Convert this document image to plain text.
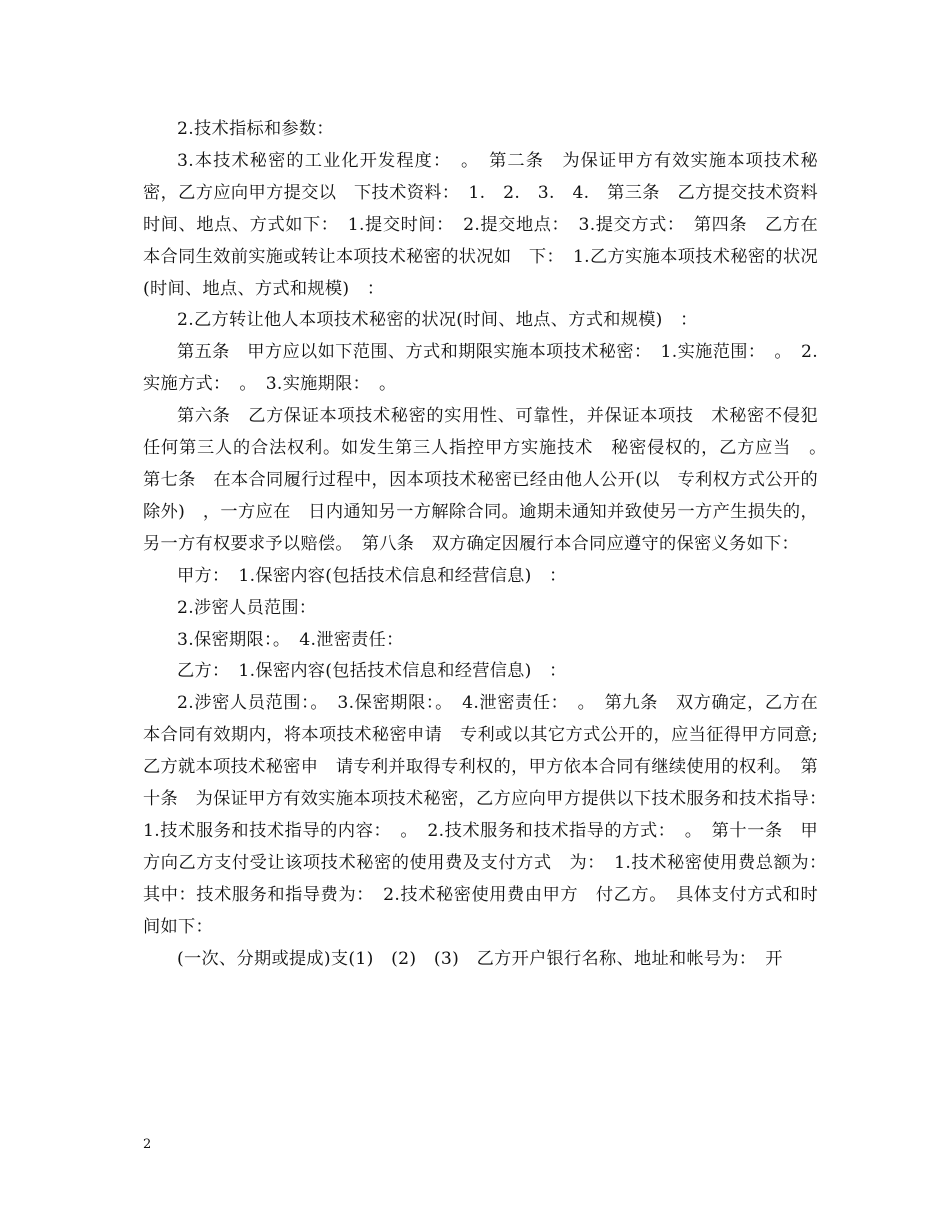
2.技术指标和参数：

3.本技术秘密的工业化开发程度：　。　第二条　为保证甲方有效实施本项技术秘密，乙方应向甲方提交以　下技术资料：　1.　2.　3.　4.　第三条　乙方提交技术资料时间、地点、方式如下：　1.提交时间：　2.提交地点：　3.提交方式：　第四条　乙方在本合同生效前实施或转让本项技术秘密的状况如　下：　1.乙方实施本项技术秘密的状况(时间、地点、方式和规模)　：

2.乙方转让他人本项技术秘密的状况(时间、地点、方式和规模)　：

第五条　甲方应以如下范围、方式和期限实施本项技术秘密：　1.实施范围：　。　2.实施方式：　。　3.实施期限：　。

第六条　乙方保证本项技术秘密的实用性、可靠性，并保证本项技　术秘密不侵犯任何第三人的合法权利。如发生第三人指控甲方实施技术　秘密侵权的，乙方应当　。　第七条　在本合同履行过程中，因本项技术秘密已经由他人公开(以　专利权方式公开的除外)　，一方应在　日内通知另一方解除合同。逾期未通知并致使另一方产生损失的，另一方有权要求予以赔偿。　第八条　双方确定因履行本合同应遵守的保密义务如下：

甲方：　1.保密内容(包括技术信息和经营信息)　：

2.涉密人员范围：

3.保密期限：。　4.泄密责任：

乙方：　1.保密内容(包括技术信息和经营信息)　：

2.涉密人员范围：。　3.保密期限：。　4.泄密责任：　。　第九条　双方确定，乙方在本合同有效期内，将本项技术秘密申请　专利或以其它方式公开的，应当征得甲方同意;乙方就本项技术秘密申　请专利并取得专利权的，甲方依本合同有继续使用的权利。　第十条　为保证甲方有效实施本项技术秘密，乙方应向甲方提供以下技术服务和技术指导：　1.技术服务和技术指导的内容：　。　2.技术服务和技术指导的方式：　。　第十一条　甲方向乙方支付受让该项技术秘密的使用费及支付方式　为：　1.技术秘密使用费总额为：　其中：技术服务和指导费为：　2.技术秘密使用费由甲方　付乙方。　具体支付方式和时间如下：

(一次、分期或提成)支(1)　(2)　(3)　乙方开户银行名称、地址和帐号为：　开

2
